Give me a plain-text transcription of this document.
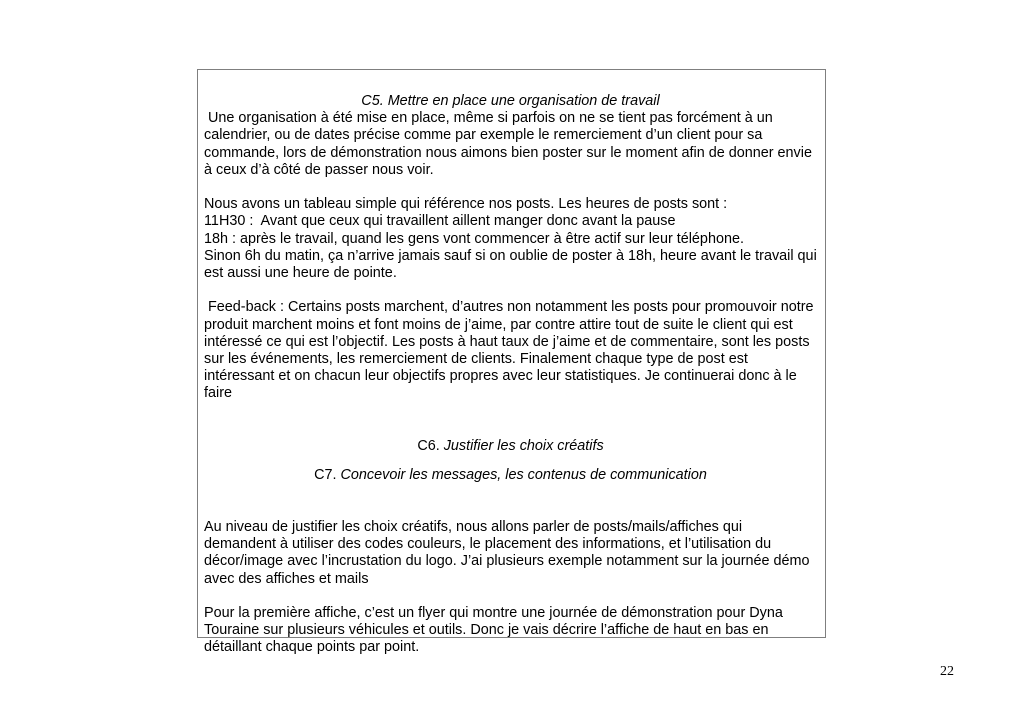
C5. Mettre en place une organisation de travail

Une organisation à été mise en place, même si parfois on ne se tient pas forcément à un calendrier, ou de dates précise comme par exemple le remerciement d’un client pour sa commande, lors de démonstration nous aimons bien poster sur le moment afin de donner envie à ceux d’à côté de passer nous voir.

Nous avons un tableau simple qui référence nos posts. Les heures de posts sont :

11H30 :  Avant que ceux qui travaillent aillent manger donc avant la pause

18h : après le travail, quand les gens vont commencer à être actif sur leur téléphone.

Sinon 6h du matin, ça n’arrive jamais sauf si on oublie de poster à 18h, heure avant le travail qui est aussi une heure de pointe.

Feed-back : Certains posts marchent, d’autres non notamment les posts pour promouvoir notre produit marchent moins et font moins de j’aime, par contre attire tout de suite le client qui est intéressé ce qui est l’objectif. Les posts à haut taux de j’aime et de commentaire, sont les posts sur les événements, les remerciement de clients. Finalement chaque type de post est intéressant et on chacun leur objectifs propres avec leur statistiques. Je continuerai donc à le faire

C6. Justifier les choix créatifs

C7. Concevoir les messages, les contenus de communication

Au niveau de justifier les choix créatifs, nous allons parler de posts/mails/affiches qui demandent à utiliser des codes couleurs, le placement des informations, et l’utilisation du décor/image avec l’incrustation du logo. J’ai plusieurs exemple notamment sur la journée démo avec des affiches et mails

Pour la première affiche, c’est un flyer qui montre une journée de démonstration pour Dyna Touraine sur plusieurs véhicules et outils. Donc je vais décrire l’affiche de haut en bas en détaillant chaque points par point.

22
